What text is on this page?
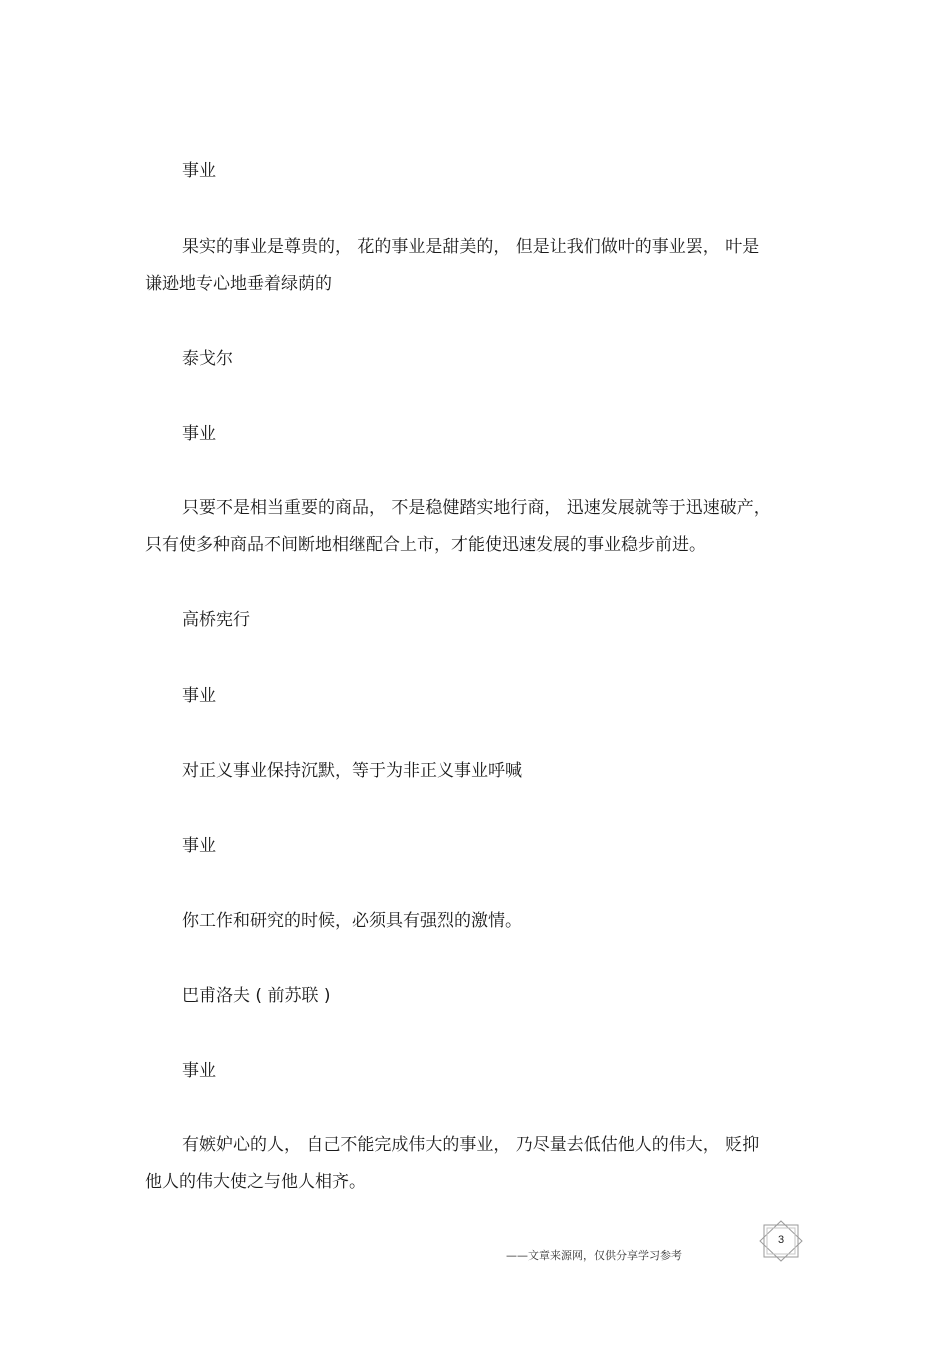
事业

果实的事业是尊贵的， 花的事业是甜美的， 但是让我们做叶的事业罢， 叶是
谦逊地专心地垂着绿荫的

泰戈尔

事业

只要不是相当重要的商品， 不是稳健踏实地行商， 迅速发展就等于迅速破产，
只有使多种商品不间断地相继配合上市，才能使迅速发展的事业稳步前进。

高桥宪行

事业

对正义事业保持沉默，等于为非正义事业呼喊

事业

你工作和研究的时候，必须具有强烈的激情。

巴甫洛夫 ( 前苏联 )

事业

有嫉妒心的人， 自己不能完成伟大的事业， 乃尽量去低估他人的伟大， 贬抑
他人的伟大使之与他人相齐。

3
——文章来源网，仅供分享学习参考
